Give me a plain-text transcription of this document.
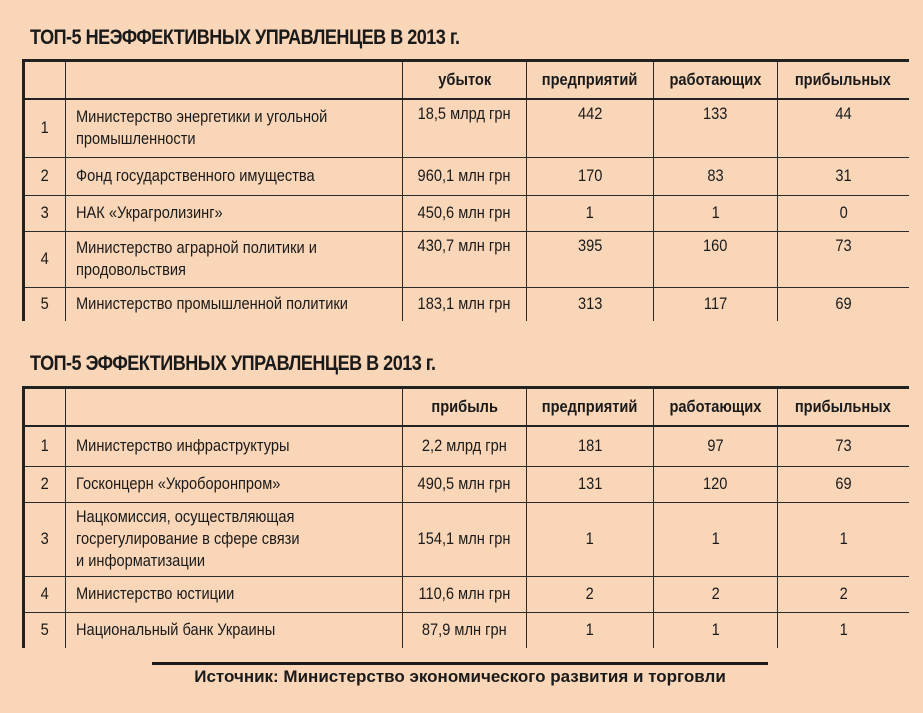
ТОП-5 НЕЭФФЕКТИВНЫХ УПРАВЛЕНЦЕВ В 2013 г.
		убыток	предприятий	работающих	прибыльных
1	Министерство энергетики и угольной промышленности	18,5 млрд грн	442	133	44
2	Фонд государственного имущества	960,1 млн грн	170	83	31
3	НАК «Украгролизинг»	450,6 млн грн	1	1	0
4	Министерство аграрной политики и продовольствия	430,7 млн грн	395	160	73
5	Министерство промышленной политики	183,1 млн грн	313	117	69
ТОП-5 ЭФФЕКТИВНЫХ УПРАВЛЕНЦЕВ В 2013 г.
		прибыль	предприятий	работающих	прибыльных
1	Министерство инфраструктуры	2,2 млрд грн	181	97	73
2	Госконцерн «Укроборонпром»	490,5 млн грн	131	120	69
3	Нацкомиссия, осуществляющая госрегулирование в сфере связи и информатизации	154,1 млн грн	1	1	1
4	Министерство юстиции	110,6 млн грн	2	2	2
5	Национальный банк Украины	87,9 млн грн	1	1	1
Источник: Министерство экономического развития и торговли
